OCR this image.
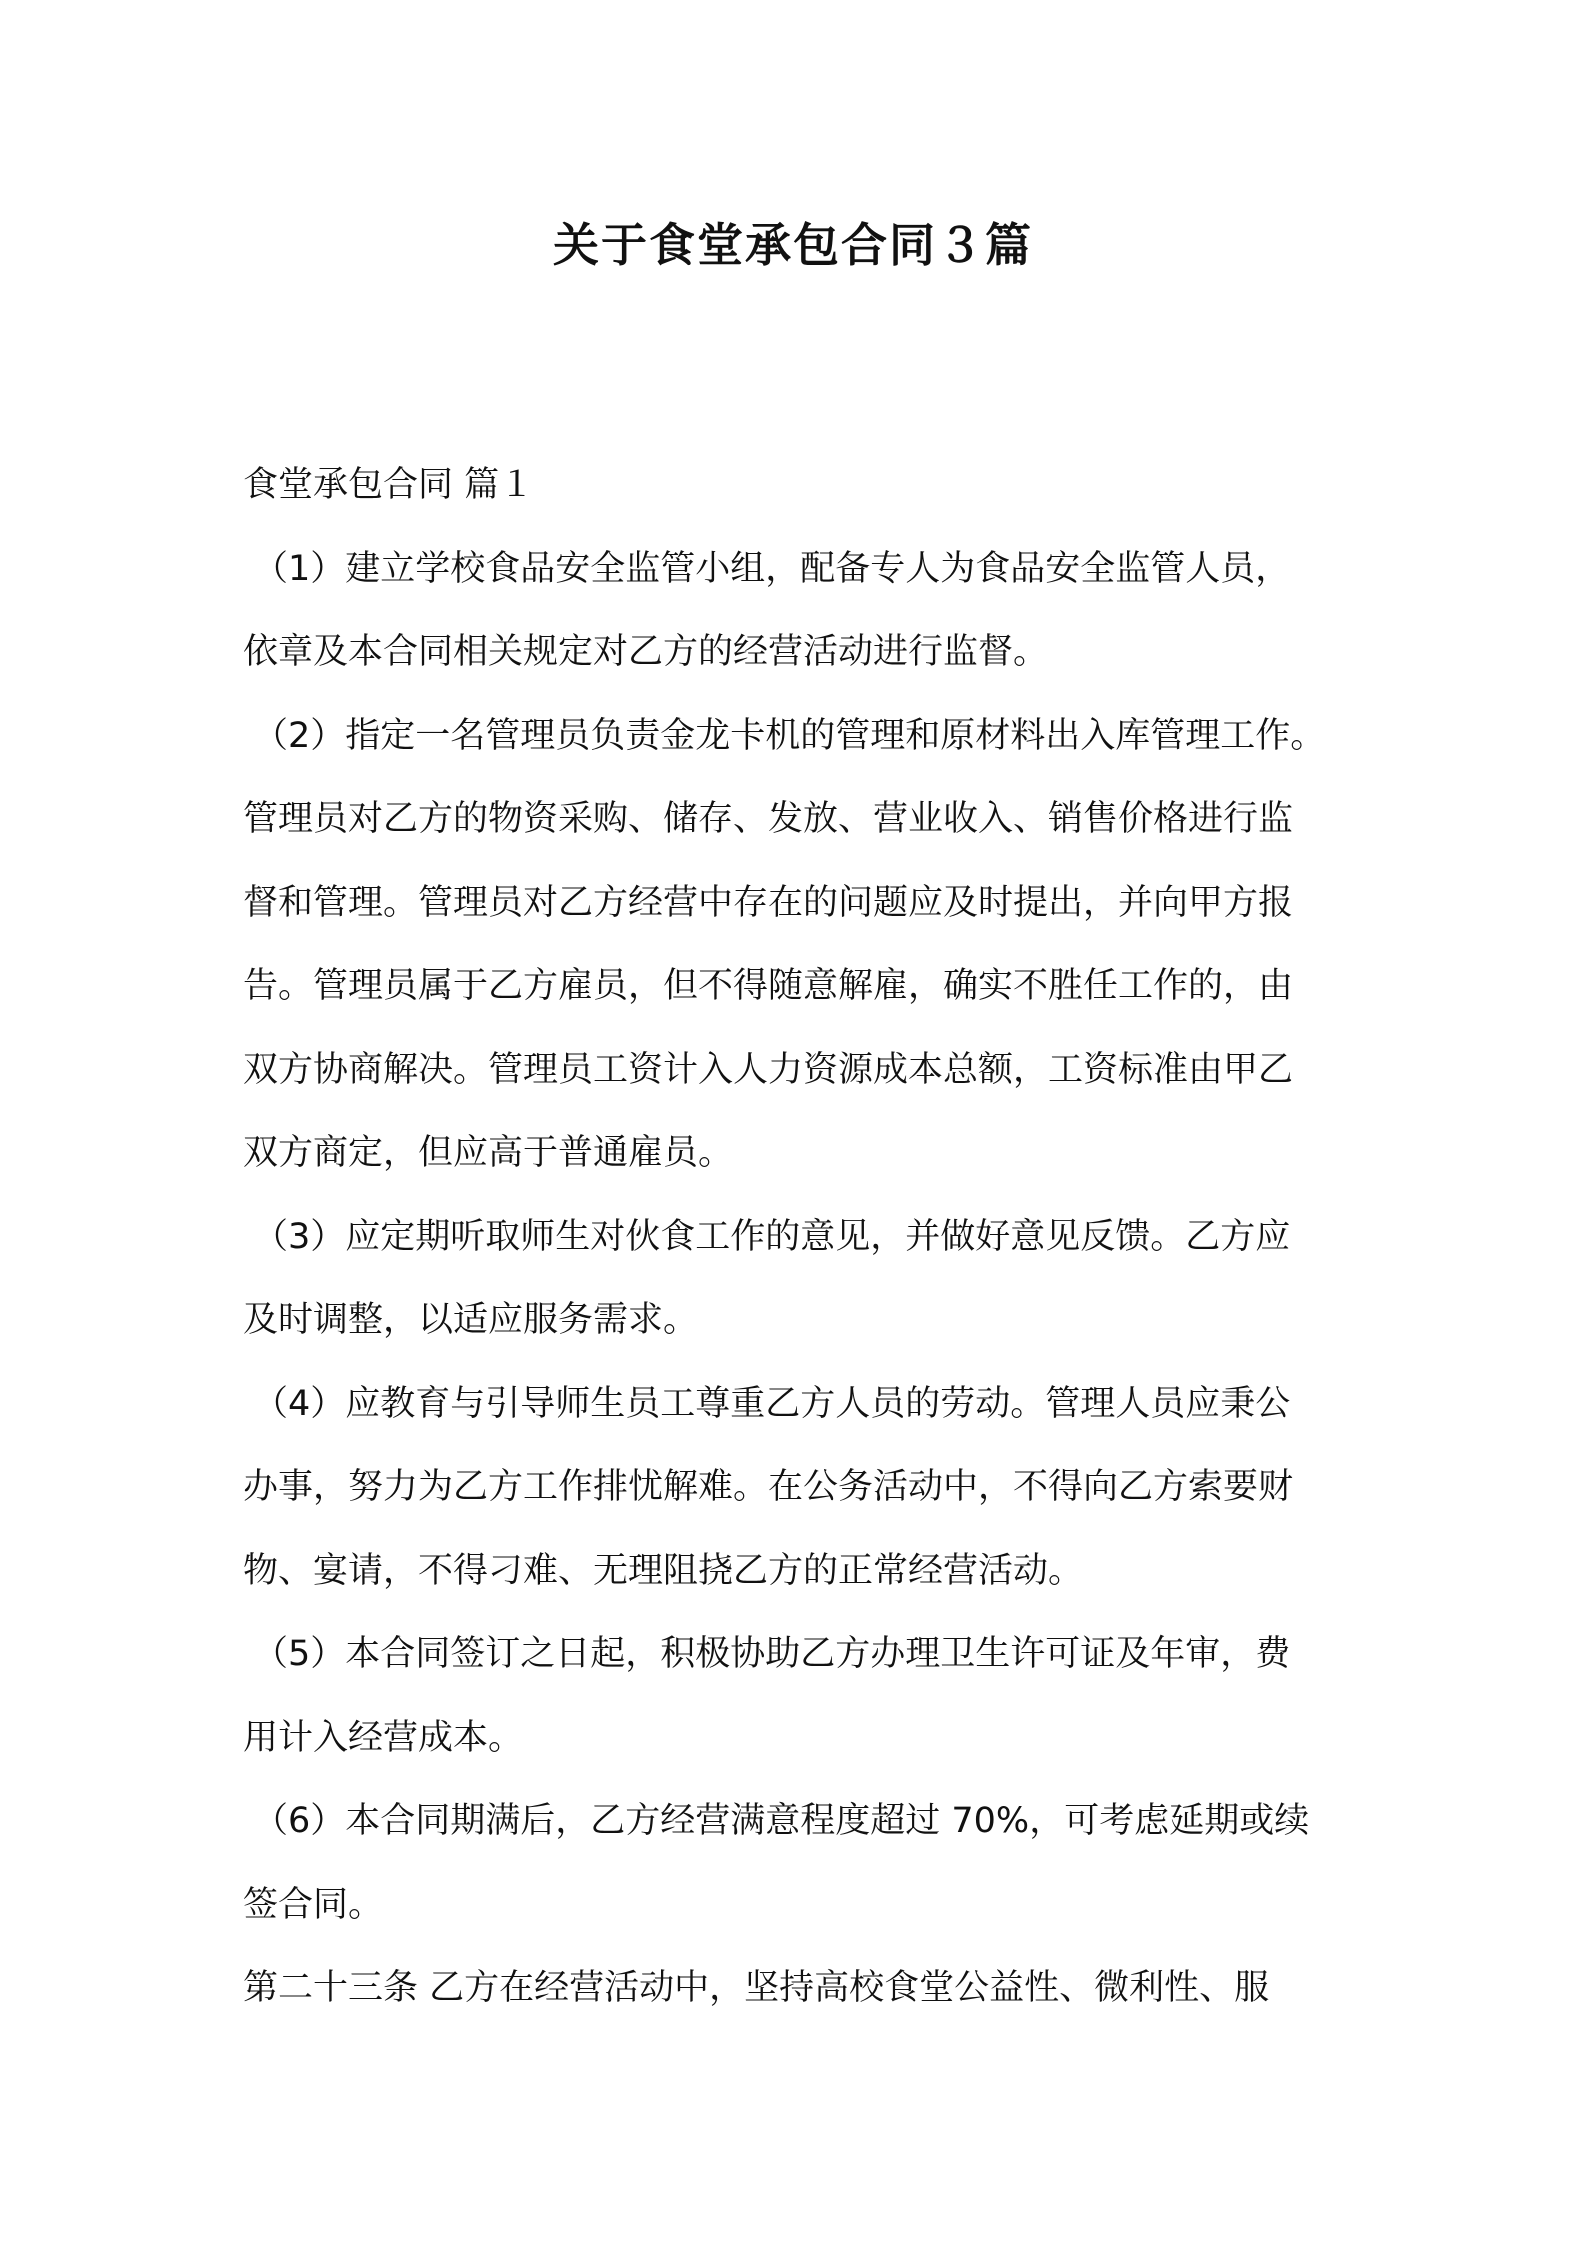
关于食堂承包合同３篇

食堂承包合同 篇１

（1）建立学校食品安全监管小组，配备专人为食品安全监管人员，
依章及本合同相关规定对乙方的经营活动进行监督。

（2）指定一名管理员负责金龙卡机的管理和原材料出入库管理工作。
管理员对乙方的物资采购、储存、发放、营业收入、销售价格进行监
督和管理。管理员对乙方经营中存在的问题应及时提出，并向甲方报
告。管理员属于乙方雇员，但不得随意解雇，确实不胜任工作的，由
双方协商解决。管理员工资计入人力资源成本总额，工资标准由甲乙
双方商定，但应高于普通雇员。

（3）应定期听取师生对伙食工作的意见，并做好意见反馈。乙方应
及时调整，以适应服务需求。

（4）应教育与引导师生员工尊重乙方人员的劳动。管理人员应秉公
办事，努力为乙方工作排忧解难。在公务活动中，不得向乙方索要财
物、宴请，不得刁难、无理阻挠乙方的正常经营活动。

（5）本合同签订之日起，积极协助乙方办理卫生许可证及年审，费
用计入经营成本。

（6）本合同期满后，乙方经营满意程度超过 70%，可考虑延期或续
签合同。

第二十三条 乙方在经营活动中，坚持高校食堂公益性、微利性、服
